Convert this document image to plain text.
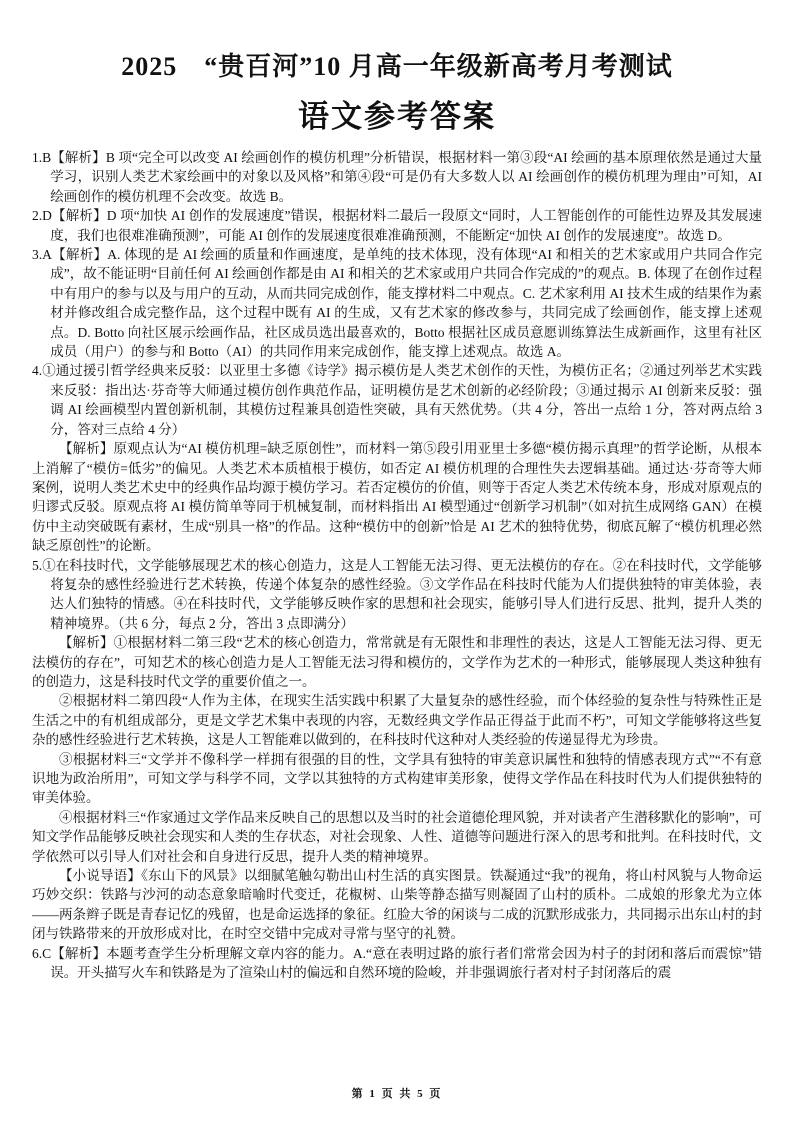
2025　“贵百河”10 月高一年级新高考月考测试
语文参考答案

1.B【解析】B 项“完全可以改变 AI 绘画创作的模仿机理”分析错误，根据材料一第③段“AI 绘画的基本原理依然是通过大量学习，识别人类艺术家绘画中的对象以及风格”和第④段“可是仍有大多数人以 AI 绘画创作的模仿机理为理由”可知，AI 绘画创作的模仿机理不会改变。故选 B。

2.D【解析】D 项“加快 AI 创作的发展速度”错误，根据材料二最后一段原文“同时，人工智能创作的可能性边界及其发展速度，我们也很难准确预测”，可能 AI 创作的发展速度很难准确预测，不能断定“加快 AI 创作的发展速度”。故选 D。

3.A【解析】A. 体现的是 AI 绘画的质量和作画速度，是单纯的技术体现，没有体现“AI 和相关的艺术家或用户共同合作完成”，故不能证明“目前任何 AI 绘画创作都是由 AI 和相关的艺术家或用户共同合作完成的”的观点。B. 体现了在创作过程中有用户的参与以及与用户的互动，从而共同完成创作，能支撑材料二中观点。C. 艺术家利用 AI 技术生成的结果作为素材并修改组合成完整作品，这个过程中既有 AI 的生成，又有艺术家的修改参与，共同完成了绘画创作，能支撑上述观点。D. Botto 向社区展示绘画作品，社区成员选出最喜欢的，Botto 根据社区成员意愿训练算法生成新画作，这里有社区成员（用户）的参与和 Botto（AI）的共同作用来完成创作，能支撑上述观点。故选 A。

4.①通过援引哲学经典来反驳：以亚里士多德《诗学》揭示模仿是人类艺术创作的天性，为模仿正名；②通过列举艺术实践来反驳：指出达·芬奇等大师通过模仿创作典范作品，证明模仿是艺术创新的必经阶段；③通过揭示 AI 创新来反驳：强调 AI 绘画模型内置创新机制，其模仿过程兼具创造性突破，具有天然优势。（共 4 分，答出一点给 1 分，答对两点给 3 分，答对三点给 4 分）

【解析】原观点认为“AI 模仿机理=缺乏原创性”，而材料一第⑤段引用亚里士多德“模仿揭示真理”的哲学论断，从根本上消解了“模仿=低劣”的偏见。人类艺术本质植根于模仿，如否定 AI 模仿机理的合理性失去逻辑基础。通过达·芬奇等大师案例，说明人类艺术史中的经典作品均源于模仿学习。若否定模仿的价值，则等于否定人类艺术传统本身，形成对原观点的归谬式反驳。原观点将 AI 模仿简单等同于机械复制，而材料指出 AI 模型通过“创新学习机制”（如对抗生成网络 GAN）在模仿中主动突破既有素材，生成“别具一格”的作品。这种“模仿中的创新”恰是 AI 艺术的独特优势，彻底瓦解了“模仿机理必然缺乏原创性”的论断。

5.①在科技时代，文学能够展现艺术的核心创造力，这是人工智能无法习得、更无法模仿的存在。②在科技时代，文学能够将复杂的感性经验进行艺术转换，传递个体复杂的感性经验。③文学作品在科技时代能为人们提供独特的审美体验，表达人们独特的情感。④在科技时代，文学能够反映作家的思想和社会现实，能够引导人们进行反思、批判，提升人类的精神境界。（共 6 分，每点 2 分，答出 3 点即满分）

【解析】①根据材料二第三段“艺术的核心创造力，常常就是有无限性和非理性的表达，这是人工智能无法习得、更无法模仿的存在”，可知艺术的核心创造力是人工智能无法习得和模仿的，文学作为艺术的一种形式，能够展现人类这种独有的创造力，这是科技时代文学的重要价值之一。

②根据材料二第四段“人作为主体，在现实生活实践中积累了大量复杂的感性经验，而个体经验的复杂性与特殊性正是生活之中的有机组成部分，更是文学艺术集中表现的内容，无数经典文学作品正得益于此而不朽”，可知文学能够将这些复杂的感性经验进行艺术转换，这是人工智能难以做到的，在科技时代这种对人类经验的传递显得尤为珍贵。

③根据材料三“文学并不像科学一样拥有很强的目的性，文学具有独特的审美意识属性和独特的情感表现方式”“不有意识地为政治所用”，可知文学与科学不同，文学以其独特的方式构建审美形象，使得文学作品在科技时代为人们提供独特的审美体验。

④根据材料三“作家通过文学作品来反映自己的思想以及当时的社会道德伦理风貌，并对读者产生潜移默化的影响”，可知文学作品能够反映社会现实和人类的生存状态，对社会现象、人性、道德等问题进行深入的思考和批判。在科技时代，文学依然可以引导人们对社会和自身进行反思，提升人类的精神境界。

【小说导语】《东山下的风景》以细腻笔触勾勒出山村生活的真实图景。铁凝通过“我”的视角，将山村风貌与人物命运巧妙交织：铁路与沙河的动态意象暗喻时代变迁，花椒树、山柴等静态描写则凝固了山村的质朴。二成娘的形象尤为立体——两条辫子既是青春记忆的残留，也是命运选择的象征。红脸大爷的闲谈与二成的沉默形成张力，共同揭示出东山村的封闭与铁路带来的开放形成对比，在时空交错中完成对寻常与坚守的礼赞。

6.C【解析】本题考查学生分析理解文章内容的能力。A.“意在表明过路的旅行者们常常会因为村子的封闭和落后而震惊”错误。开头描写火车和铁路是为了渲染山村的偏远和自然环境的险峻，并非强调旅行者对村子封闭落后的震

第 1 页 共 5 页
